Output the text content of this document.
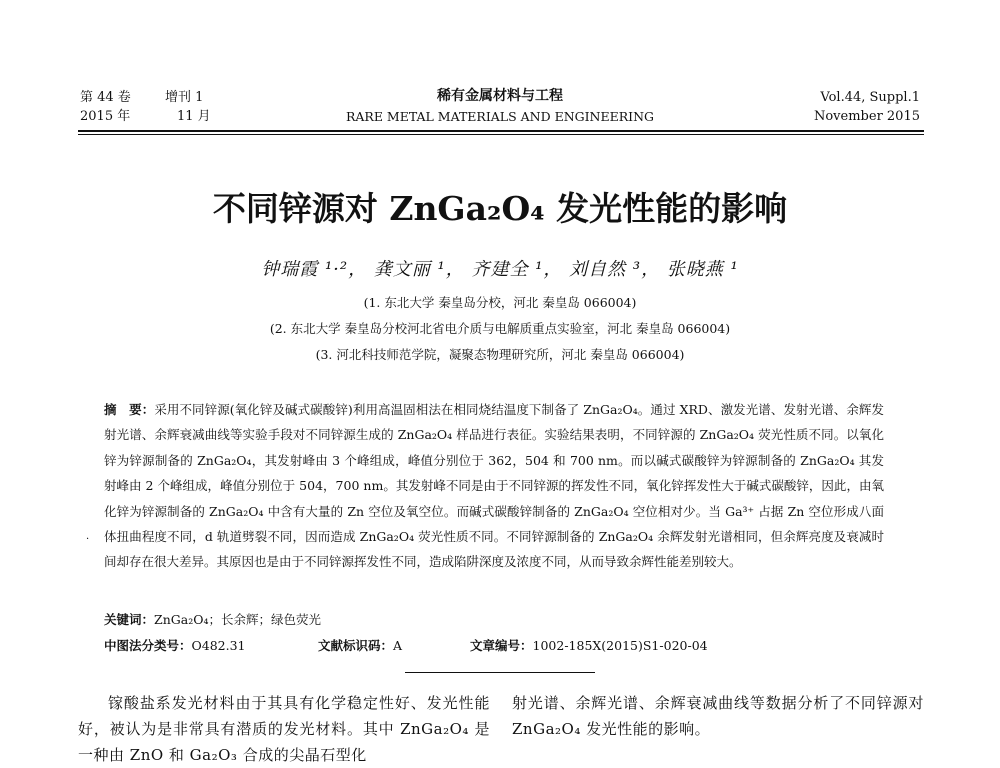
第 44 卷	增刊 1
2015 年	11 月
稀有金属材料与工程
RARE METAL MATERIALS AND ENGINEERING
Vol.44, Suppl.1
November 2015
不同锌源对 ZnGa₂O₄ 发光性能的影响
钟瑞霞 ¹·²， 龚文丽 ¹， 齐建全 ¹， 刘自然 ³， 张晓燕 ¹
(1. 东北大学 秦皇岛分校，河北 秦皇岛 066004)
(2. 东北大学 秦皇岛分校河北省电介质与电解质重点实验室，河北 秦皇岛 066004)
(3. 河北科技师范学院，凝聚态物理研究所，河北 秦皇岛 066004)
摘　要：采用不同锌源(氧化锌及碱式碳酸锌)利用高温固相法在相同烧结温度下制备了 ZnGa₂O₄。通过 XRD、激发光谱、发射光谱、余辉发射光谱、余辉衰减曲线等实验手段对不同锌源生成的 ZnGa₂O₄ 样品进行表征。实验结果表明，不同锌源的 ZnGa₂O₄ 荧光性质不同。以氧化锌为锌源制备的 ZnGa₂O₄，其发射峰由 3 个峰组成，峰值分别位于 362，504 和 700 nm。而以碱式碳酸锌为锌源制备的 ZnGa₂O₄ 其发射峰由 2 个峰组成，峰值分别位于 504，700 nm。其发射峰不同是由于不同锌源的挥发性不同，氧化锌挥发性大于碱式碳酸锌，因此，由氧化锌为锌源制备的 ZnGa₂O₄ 中含有大量的 Zn 空位及氧空位。而碱式碳酸锌制备的 ZnGa₂O₄ 空位相对少。当 Ga³⁺ 占据 Zn 空位形成八面体扭曲程度不同，d 轨道劈裂不同，因而造成 ZnGa₂O₄ 荧光性质不同。不同锌源制备的 ZnGa₂O₄ 余辉发射光谱相同，但余辉亮度及衰减时间却存在很大差异。其原因也是由于不同锌源挥发性不同，造成陷阱深度及浓度不同，从而导致余辉性能差别较大。
·
关键词：ZnGa₂O₄；长余辉；绿色荧光
中图法分类号：O482.31	文献标识码：A	文章编号：1002-185X(2015)S1-020-04
镓酸盐系发光材料由于其具有化学稳定性好、发光性能好，被认为是非常具有潜质的发光材料。其中 ZnGa₂O₄ 是一种由 ZnO 和 Ga₂O₃ 合成的尖晶石型化
射光谱、余辉光谱、余辉衰减曲线等数据分析了不同锌源对 ZnGa₂O₄ 发光性能的影响。
